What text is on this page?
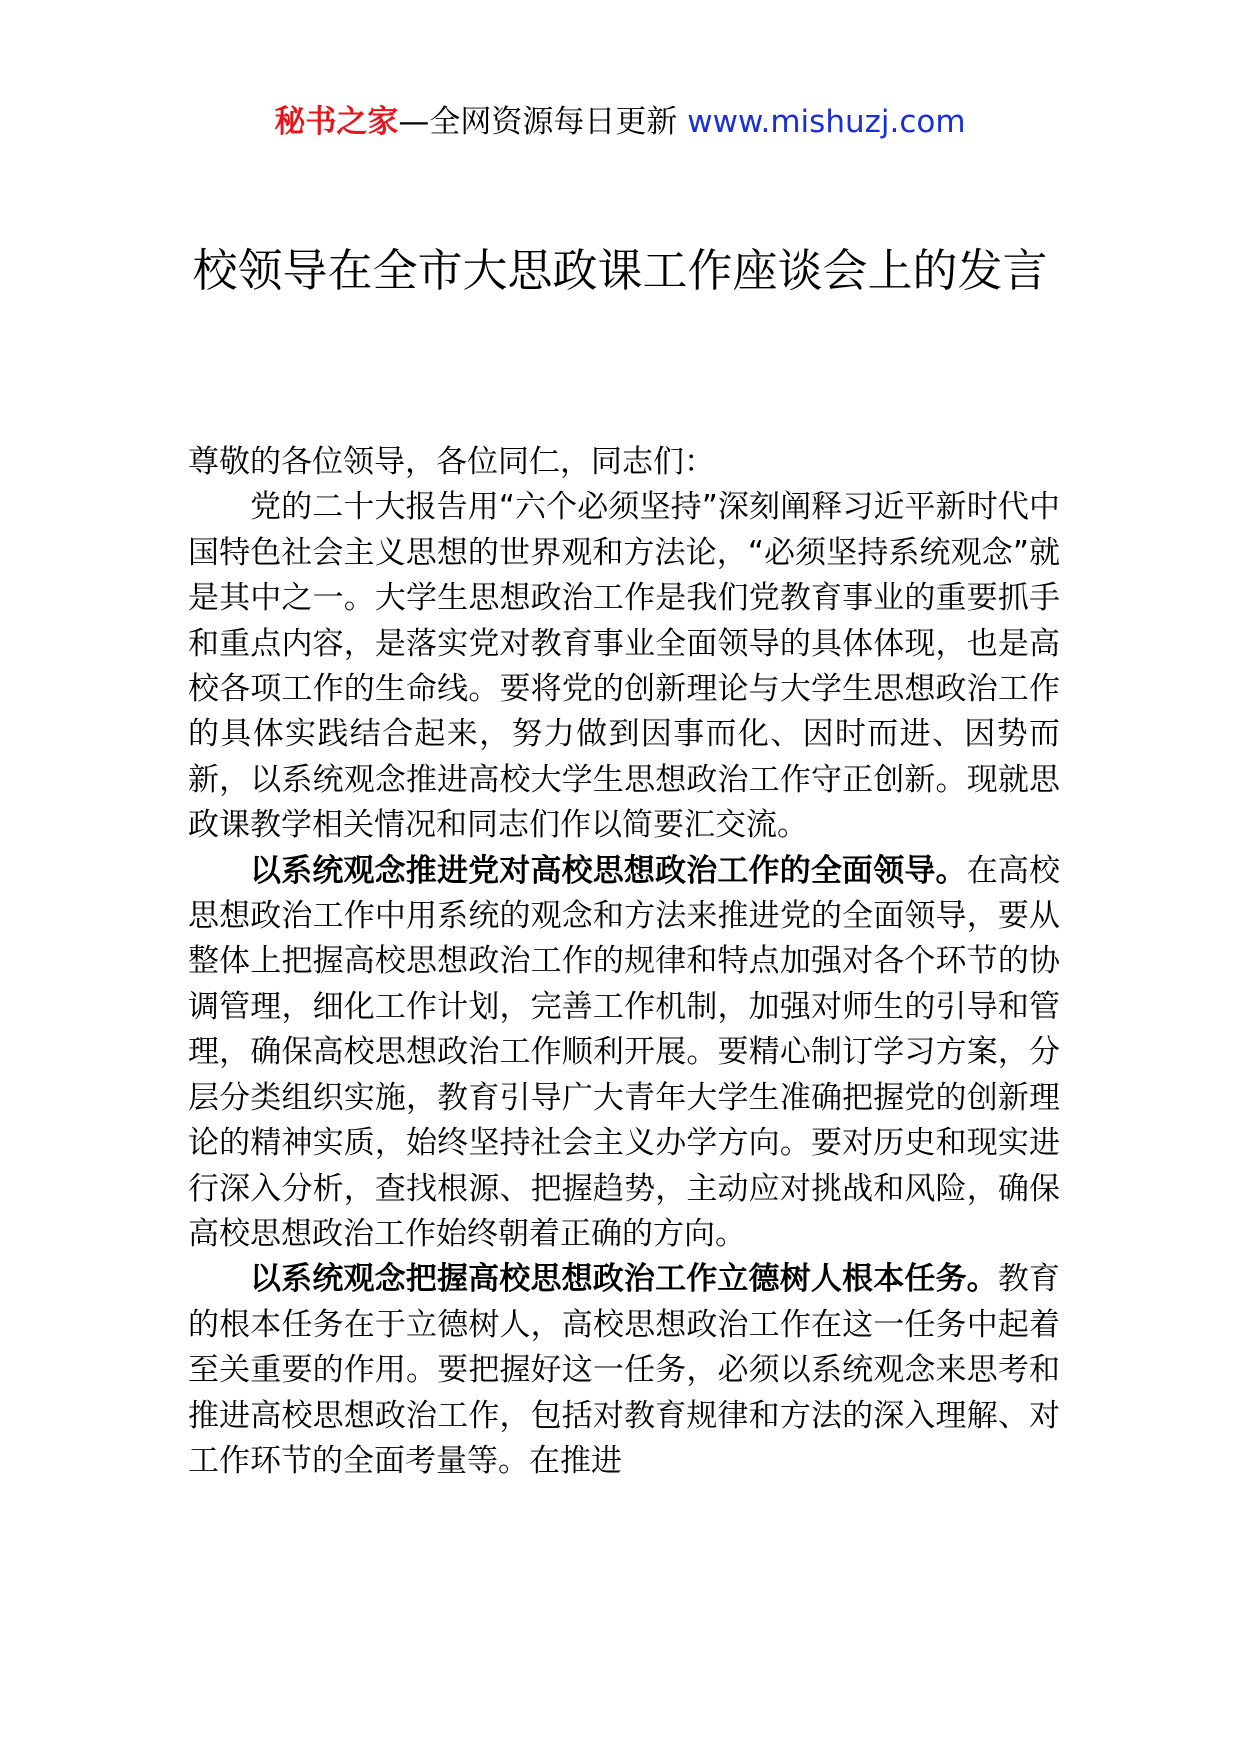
秘书之家—全网资源每日更新 www.mishuzj.com
校领导在全市大思政课工作座谈会上的发言

尊敬的各位领导，各位同仁，同志们：

党的二十大报告用“六个必须坚持”深刻阐释习近平新时代中国特色社会主义思想的世界观和方法论，“必须坚持系统观念”就是其中之一。大学生思想政治工作是我们党教育事业的重要抓手和重点内容，是落实党对教育事业全面领导的具体体现，也是高校各项工作的生命线。要将党的创新理论与大学生思想政治工作的具体实践结合起来，努力做到因事而化、因时而进、因势而新，以系统观念推进高校大学生思想政治工作守正创新。现就思政课教学相关情况和同志们作以简要汇交流。

以系统观念推进党对高校思想政治工作的全面领导。在高校思想政治工作中用系统的观念和方法来推进党的全面领导，要从整体上把握高校思想政治工作的规律和特点加强对各个环节的协调管理，细化工作计划，完善工作机制，加强对师生的引导和管理，确保高校思想政治工作顺利开展。要精心制订学习方案，分层分类组织实施，教育引导广大青年大学生准确把握党的创新理论的精神实质，始终坚持社会主义办学方向。要对历史和现实进行深入分析，查找根源、把握趋势，主动应对挑战和风险，确保高校思想政治工作始终朝着正确的方向。

以系统观念把握高校思想政治工作立德树人根本任务。教育的根本任务在于立德树人，高校思想政治工作在这一任务中起着至关重要的作用。要把握好这一任务，必须以系统观念来思考和推进高校思想政治工作，包括对教育规律和方法的深入理解、对工作环节的全面考量等。在推进
